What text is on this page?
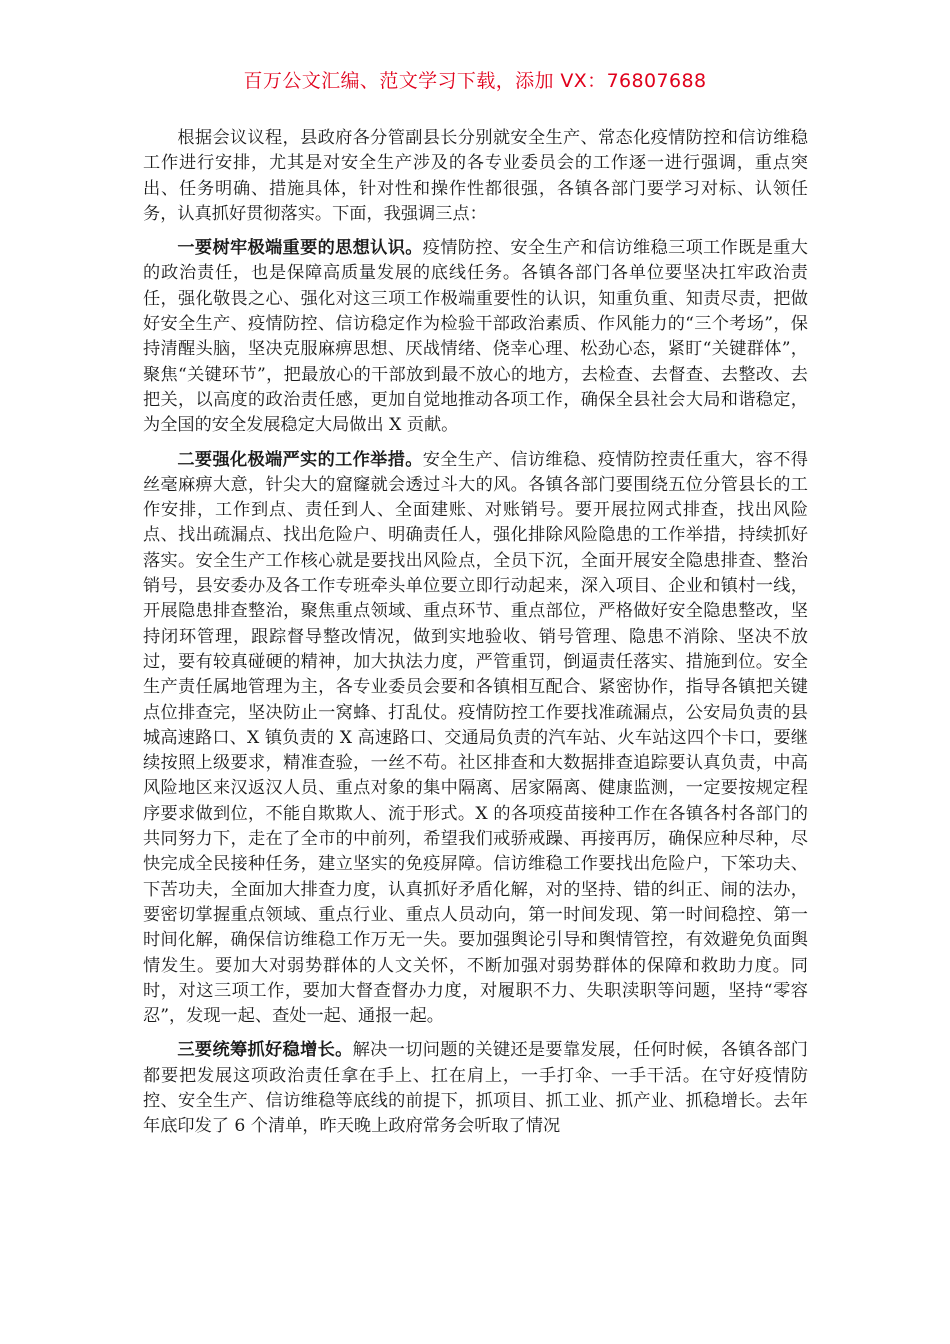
百万公文汇编、范文学习下载，添加 VX：76807688

根据会议议程，县政府各分管副县长分别就安全生产、常态化疫情防控和信访维稳工作进行安排，尤其是对安全生产涉及的各专业委员会的工作逐一进行强调，重点突出、任务明确、措施具体，针对性和操作性都很强，各镇各部门要学习对标、认领任务，认真抓好贯彻落实。下面，我强调三点：

一要树牢极端重要的思想认识。疫情防控、安全生产和信访维稳三项工作既是重大的政治责任，也是保障高质量发展的底线任务。各镇各部门各单位要坚决扛牢政治责任，强化敬畏之心、强化对这三项工作极端重要性的认识，知重负重、知责尽责，把做好安全生产、疫情防控、信访稳定作为检验干部政治素质、作风能力的“三个考场”，保持清醒头脑，坚决克服麻痹思想、厌战情绪、侥幸心理、松劲心态，紧盯“关键群体”，聚焦“关键环节”，把最放心的干部放到最不放心的地方，去检查、去督查、去整改、去把关，以高度的政治责任感，更加自觉地推动各项工作，确保全县社会大局和谐稳定，为全国的安全发展稳定大局做出 X 贡献。

二要强化极端严实的工作举措。安全生产、信访维稳、疫情防控责任重大，容不得丝毫麻痹大意，针尖大的窟窿就会透过斗大的风。各镇各部门要围绕五位分管县长的工作安排，工作到点、责任到人、全面建账、对账销号。要开展拉网式排查，找出风险点、找出疏漏点、找出危险户、明确责任人，强化排除风险隐患的工作举措，持续抓好落实。安全生产工作核心就是要找出风险点，全员下沉，全面开展安全隐患排查、整治销号，县安委办及各工作专班牵头单位要立即行动起来，深入项目、企业和镇村一线，开展隐患排查整治，聚焦重点领域、重点环节、重点部位，严格做好安全隐患整改，坚持闭环管理，跟踪督导整改情况，做到实地验收、销号管理、隐患不消除、坚决不放过，要有较真碰硬的精神，加大执法力度，严管重罚，倒逼责任落实、措施到位。安全生产责任属地管理为主，各专业委员会要和各镇相互配合、紧密协作，指导各镇把关键点位排查完，坚决防止一窝蜂、打乱仗。疫情防控工作要找准疏漏点，公安局负责的县城高速路口、X 镇负责的 X 高速路口、交通局负责的汽车站、火车站这四个卡口，要继续按照上级要求，精准查验，一丝不苟。社区排查和大数据排查追踪要认真负责，中高风险地区来汉返汉人员、重点对象的集中隔离、居家隔离、健康监测，一定要按规定程序要求做到位，不能自欺欺人、流于形式。X 的各项疫苗接种工作在各镇各村各部门的共同努力下，走在了全市的中前列，希望我们戒骄戒躁、再接再厉，确保应种尽种，尽快完成全民接种任务，建立坚实的免疫屏障。信访维稳工作要找出危险户，下笨功夫、下苦功夫，全面加大排查力度，认真抓好矛盾化解，对的坚持、错的纠正、闹的法办，要密切掌握重点领域、重点行业、重点人员动向，第一时间发现、第一时间稳控、第一时间化解，确保信访维稳工作万无一失。要加强舆论引导和舆情管控，有效避免负面舆情发生。要加大对弱势群体的人文关怀，不断加强对弱势群体的保障和救助力度。同时，对这三项工作，要加大督查督办力度，对履职不力、失职渎职等问题，坚持“零容忍”，发现一起、查处一起、通报一起。

三要统筹抓好稳增长。解决一切问题的关键还是要靠发展，任何时候，各镇各部门都要把发展这项政治责任拿在手上、扛在肩上，一手打伞、一手干活。在守好疫情防控、安全生产、信访维稳等底线的前提下，抓项目、抓工业、抓产业、抓稳增长。去年年底印发了 6 个清单，昨天晚上政府常务会听取了情况
